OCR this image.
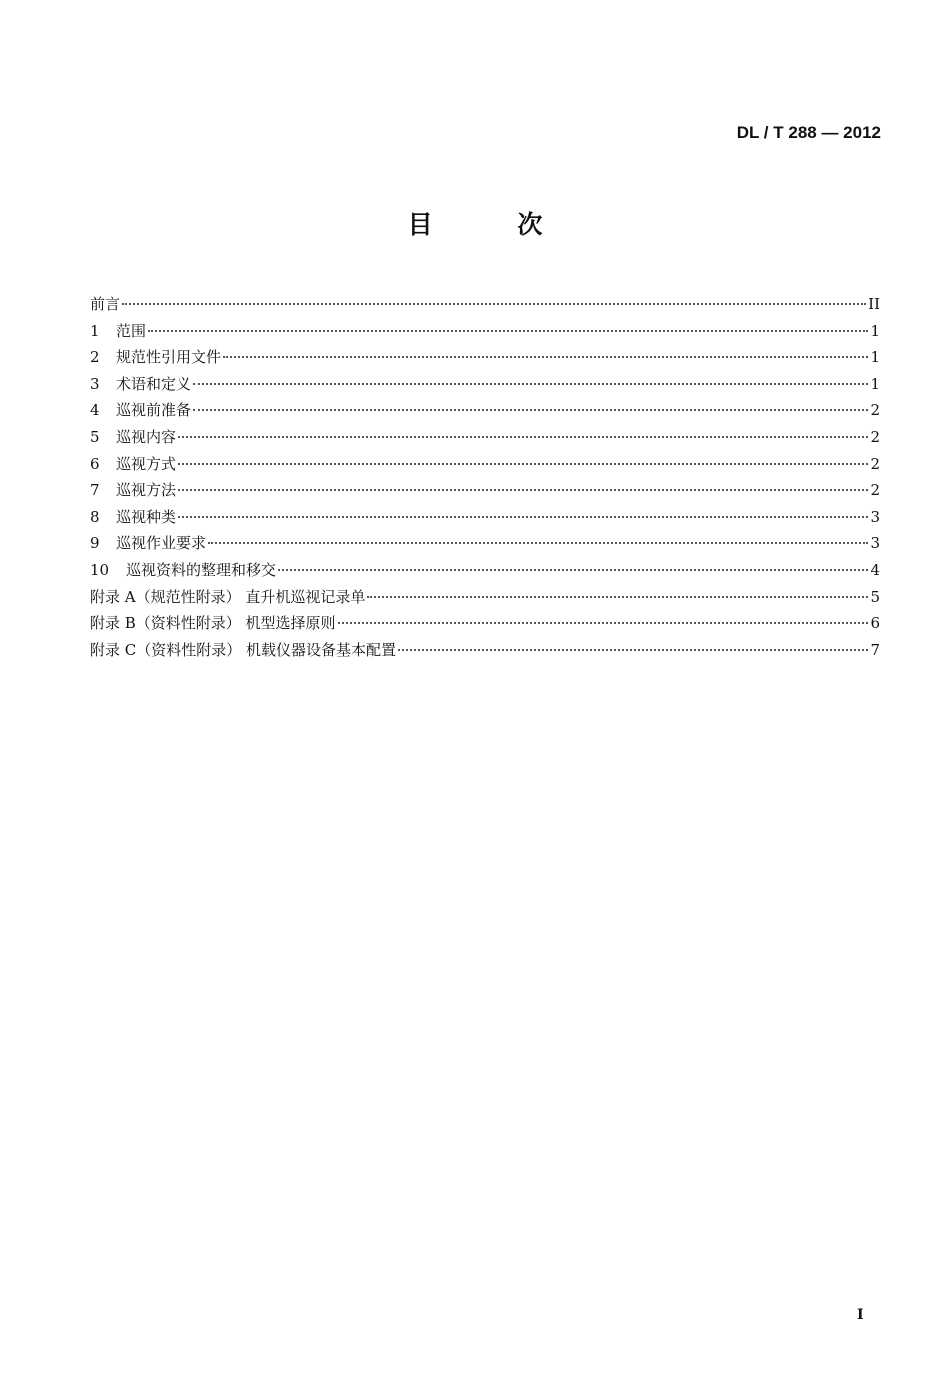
DL / T 288 — 2012
目 次
前言	II
1	范围	1
2	规范性引用文件	1
3	术语和定义	1
4	巡视前准备	2
5	巡视内容	2
6	巡视方式	2
7	巡视方法	2
8	巡视种类	3
9	巡视作业要求	3
10	巡视资料的整理和移交	4
附录 A（规范性附录） 直升机巡视记录单	5
附录 B（资料性附录） 机型选择原则	6
附录 C（资料性附录） 机载仪器设备基本配置	7
I
